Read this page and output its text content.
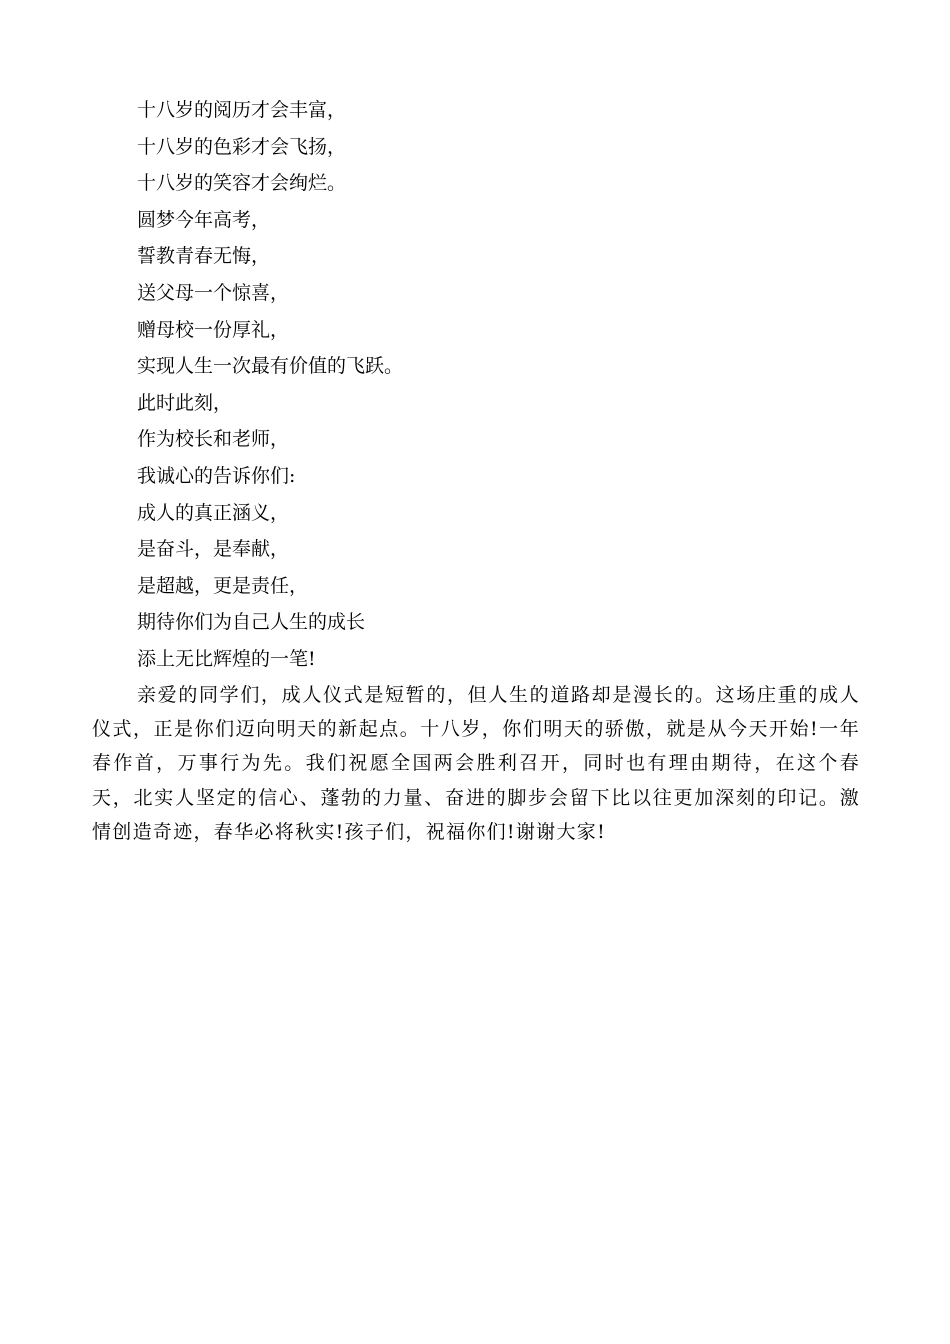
十八岁的阅历才会丰富，

十八岁的色彩才会飞扬，

十八岁的笑容才会绚烂。

圆梦今年高考，

誓教青春无悔，

送父母一个惊喜，

赠母校一份厚礼，

实现人生一次最有价值的飞跃。

此时此刻，

作为校长和老师，

我诚心的告诉你们:

成人的真正涵义，

是奋斗，是奉献，

是超越，更是责任，

期待你们为自己人生的成长

添上无比辉煌的一笔!

亲爱的同学们，成人仪式是短暂的，但人生的道路却是漫长的。这场庄重的成人仪式，正是你们迈向明天的新起点。十八岁，你们明天的骄傲，就是从今天开始!一年春作首，万事行为先。我们祝愿全国两会胜利召开，同时也有理由期待，在这个春天，北实人坚定的信心、蓬勃的力量、奋进的脚步会留下比以往更加深刻的印记。激情创造奇迹，春华必将秋实!孩子们，祝福你们!谢谢大家!
